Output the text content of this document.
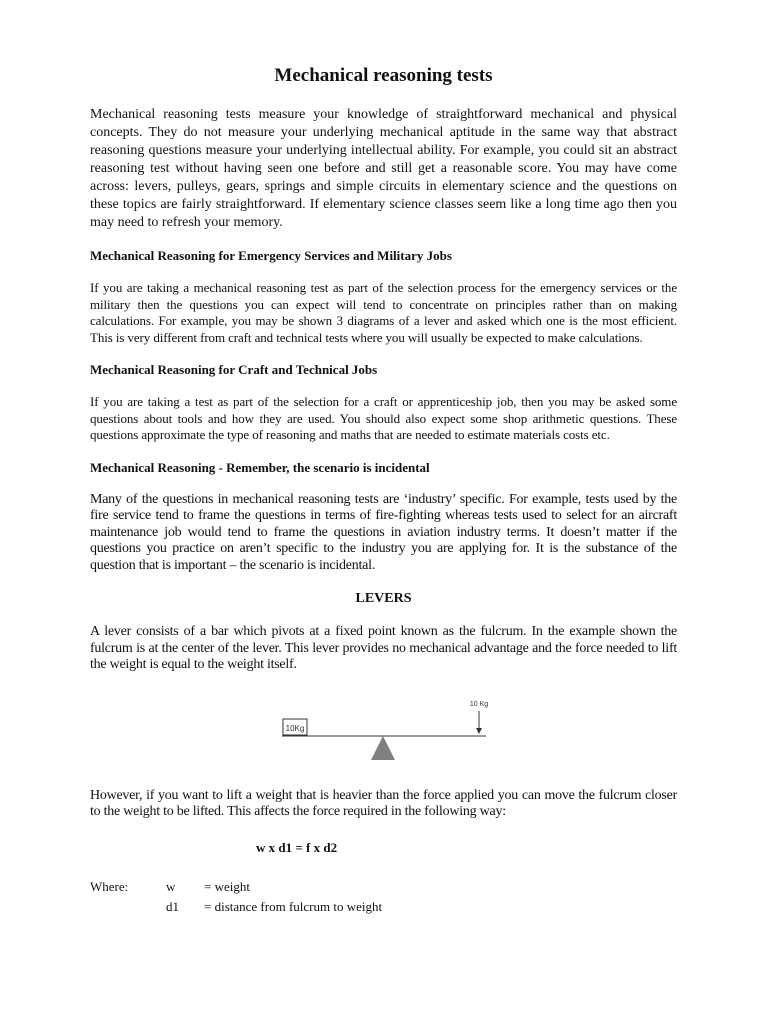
Mechanical reasoning tests

Mechanical reasoning tests measure your knowledge of straightforward mechanical and physical concepts. They do not measure your underlying mechanical aptitude in the same way that abstract reasoning questions measure your underlying intellectual ability. For example, you could sit an abstract reasoning test without having seen one before and still get a reasonable score. You may have come across: levers, pulleys, gears, springs and simple circuits in elementary science and the questions on these topics are fairly straightforward. If elementary science classes seem like a long time ago then you may need to refresh your memory.

Mechanical Reasoning for Emergency Services and Military Jobs

If you are taking a mechanical reasoning test as part of the selection process for the emergency services or the military then the questions you can expect will tend to concentrate on principles rather than on making calculations. For example, you may be shown 3 diagrams of a lever and asked which one is the most efficient. This is very different from craft and technical tests where you will usually be expected to make calculations.

Mechanical Reasoning for Craft and Technical Jobs

If you are taking a test as part of the selection for a craft or apprenticeship job, then you may be asked some questions about tools and how they are used. You should also expect some shop arithmetic questions. These questions approximate the type of reasoning and maths that are needed to estimate materials costs etc.

Mechanical Reasoning - Remember, the scenario is incidental

Many of the questions in mechanical reasoning tests are ‘industry’ specific. For example, tests used by the fire service tend to frame the questions in terms of fire-fighting whereas tests used to select for an aircraft maintenance job would tend to frame the questions in aviation industry terms. It doesn’t matter if the questions you practice on aren’t specific to the industry you are applying for. It is the substance of the question that is important – the scenario is incidental.

LEVERS

A lever consists of a bar which pivots at a fixed point known as the fulcrum. In the example shown the fulcrum is at the center of the lever. This lever provides no mechanical advantage and the force needed to lift the weight is equal to the weight itself.

10Kg
10 Kg

However, if you want to lift a weight that is heavier than the force applied you can move the fulcrum closer to the weight to be lifted. This affects the force required in the following way:

w x d1 = f x d2
Where:	w	= weight
d1	= distance from fulcrum to weight
